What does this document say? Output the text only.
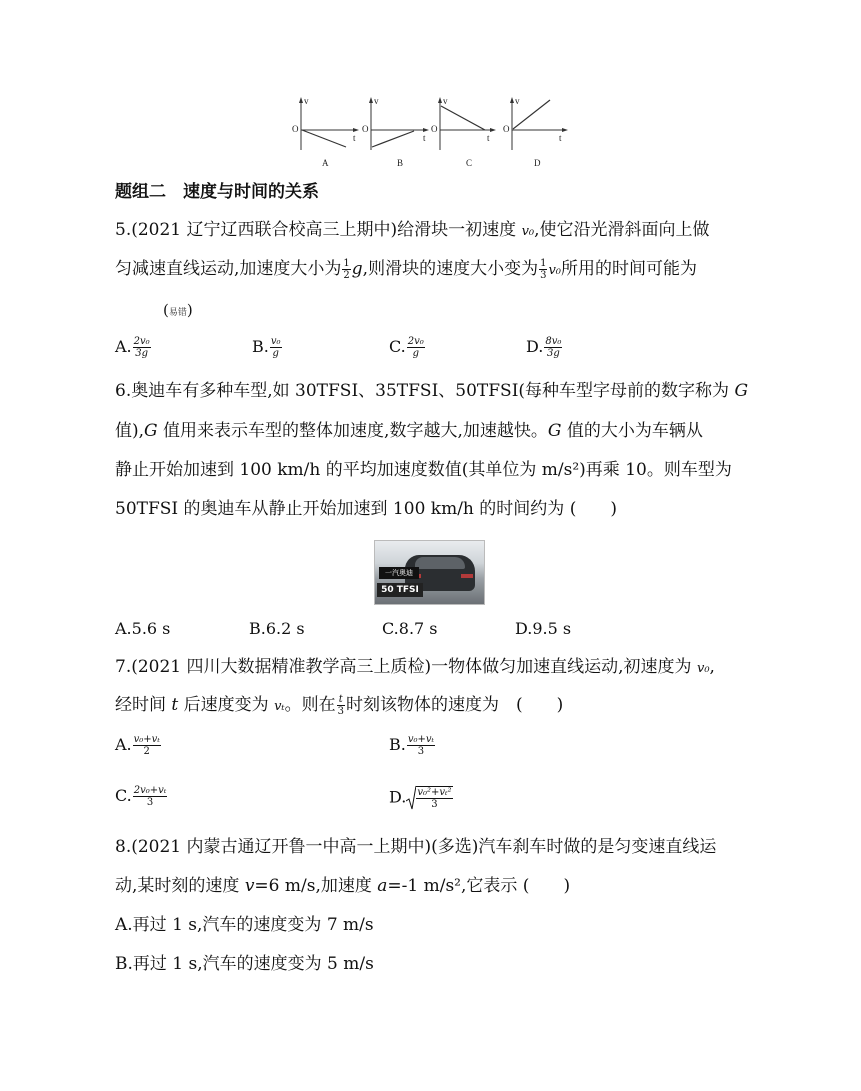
v
O
t
A
v
O
t
B
v
O
t
C
v
O
t
D
题组二　速度与时间的关系
5.(2021 辽宁辽西联合校高三上期中)给滑块一初速度 v₀,使它沿光滑斜面向上做
匀减速直线运动,加速度大小为 $\frac{1}{2} g$,则滑块的速度大小变为 $\frac{1}{3} v_0$所用的时间可能为
(易错)
A. $\frac{\text{2v₀}}{3g}$	B. $\frac{\text{v₀}}{g}$	C. $\frac{\text{2v₀}}{g}$	D. $\frac{\text{8v₀}}{3g}$
6.奥迪车有多种车型,如 30TFSI、35TFSI、50TFSI(每种车型字母前的数字称为 G
值),G 值用来表示车型的整体加速度,数字越大,加速越快。G 值的大小为车辆从
静止开始加速到 100 km/h 的平均加速度数值(其单位为 m/s²)再乘 10。则车型为
50TFSI 的奥迪车从静止开始加速到 100 km/h 的时间约为 (　　)
一汽奥迪
50 TFSI
A.5.6 s	B.6.2 s	C.8.7 s	D.9.5 s
7.(2021 四川大数据精准教学高三上质检)一物体做匀加速直线运动,初速度为 v₀,
经时间 t 后速度变为 vₜ。则在 $\frac{t}{3}$ 时刻该物体的速度为　(　　)
A. $\frac{\text{v₀+vₜ}}{2}$	B. $\frac{\text{v₀+vₜ}}{3}$
C. $\frac{\text{2v₀+vₜ}}{3}$	D. $\frac{\text{v₀²+vₜ²}}{3}$
8.(2021 内蒙古通辽开鲁一中高一上期中)(多选)汽车刹车时做的是匀变速直线运
动,某时刻的速度 v=6 m/s,加速度 a=-1 m/s²,它表示 (　　)
A.再过 1 s,汽车的速度变为 7 m/s
B.再过 1 s,汽车的速度变为 5 m/s
